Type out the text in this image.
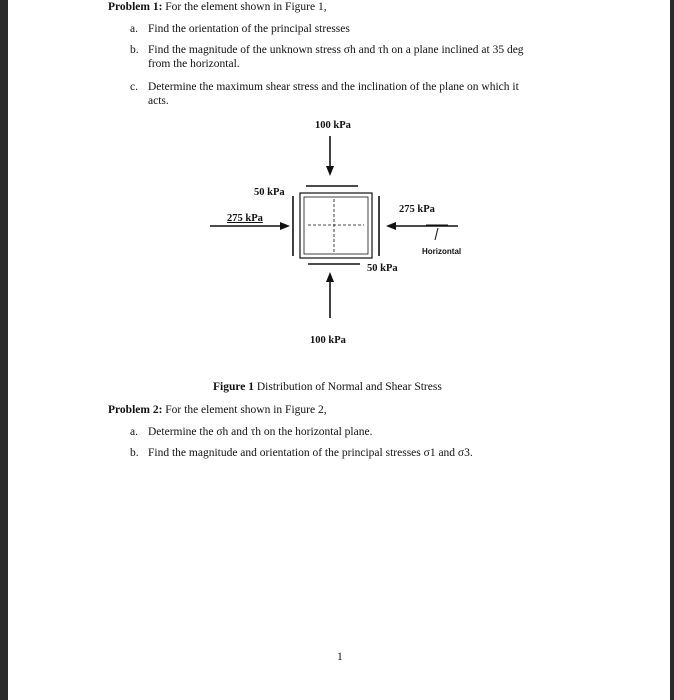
Problem 1: For the element shown in Figure 1,
a. Find the orientation of the principal stresses
b. Find the magnitude of the unknown stress σh and τh on a plane inclined at 35 deg
from the horizontal.
c. Determine the maximum shear stress and the inclination of the plane on which it
acts.
100 kPa
50 kPa
275 kPa
275 kPa
Horizontal
50 kPa
100 kPa
Figure 1 Distribution of Normal and Shear Stress
Problem 2: For the element shown in Figure 2,
a. Determine the σh and τh on the horizontal plane.
b. Find the magnitude and orientation of the principal stresses σ1 and σ3.
1
